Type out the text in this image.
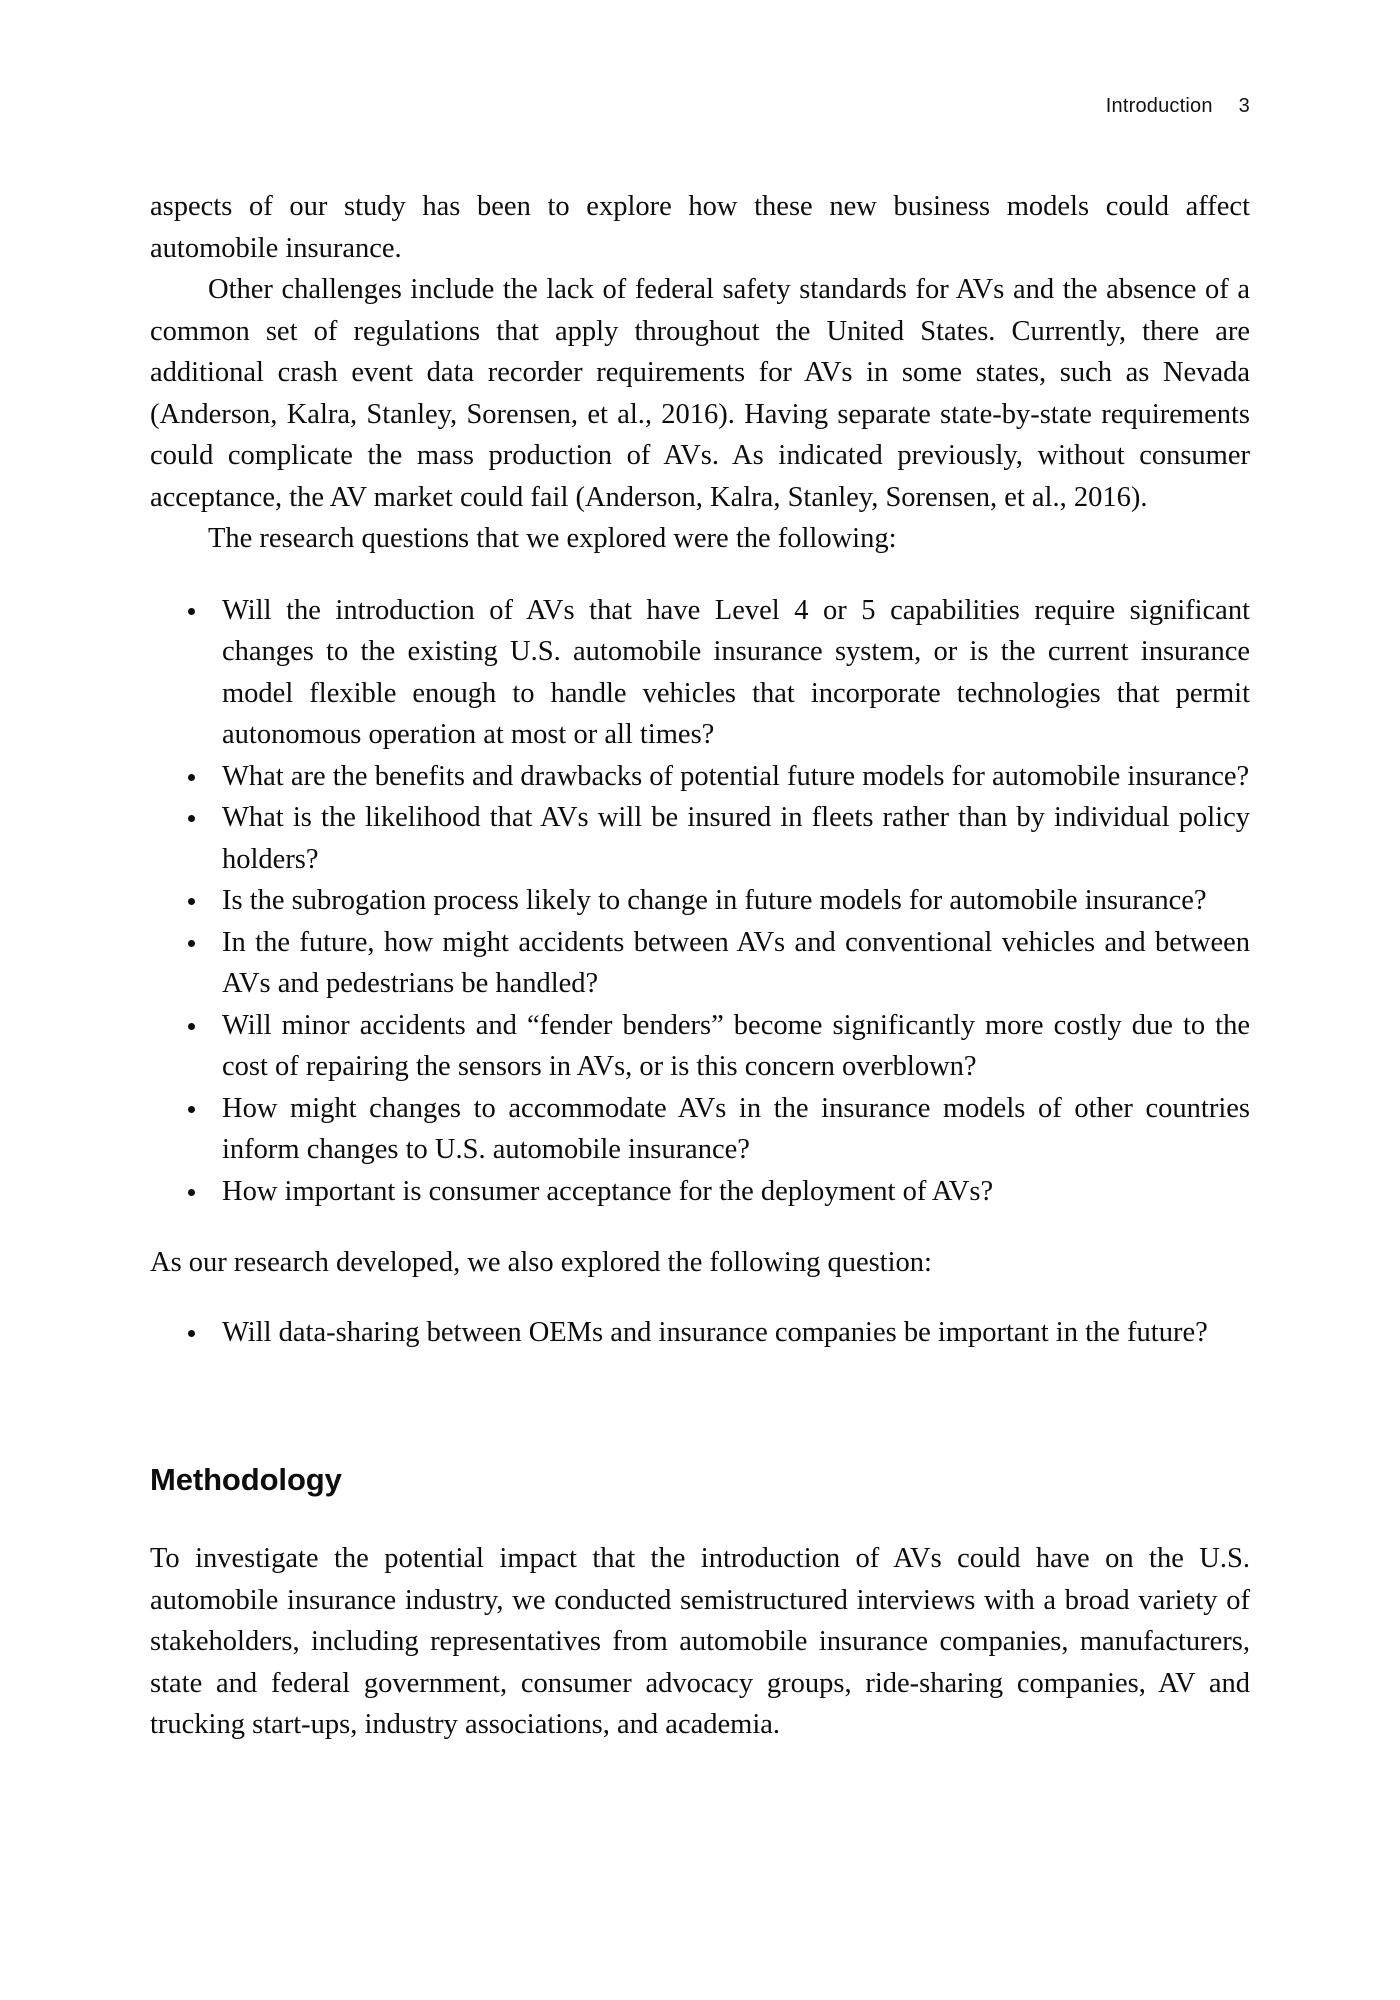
Introduction 3

aspects of our study has been to explore how these new business models could affect automobile insurance.

Other challenges include the lack of federal safety standards for AVs and the absence of a common set of regulations that apply throughout the United States. Currently, there are additional crash event data recorder requirements for AVs in some states, such as Nevada (Anderson, Kalra, Stanley, Sorensen, et al., 2016). Having separate state-by-state requirements could complicate the mass production of AVs. As indicated previously, without consumer acceptance, the AV market could fail (Anderson, Kalra, Stanley, Sorensen, et al., 2016).

The research questions that we explored were the following:

Will the introduction of AVs that have Level 4 or 5 capabilities require significant changes to the existing U.S. automobile insurance system, or is the current insurance model flexible enough to handle vehicles that incorporate technologies that permit autonomous operation at most or all times?
What are the benefits and drawbacks of potential future models for automobile insurance?
What is the likelihood that AVs will be insured in fleets rather than by individual policy holders?
Is the subrogation process likely to change in future models for automobile insurance?
In the future, how might accidents between AVs and conventional vehicles and between AVs and pedestrians be handled?
Will minor accidents and “fender benders” become significantly more costly due to the cost of repairing the sensors in AVs, or is this concern overblown?
How might changes to accommodate AVs in the insurance models of other countries inform changes to U.S. automobile insurance?
How important is consumer acceptance for the deployment of AVs?

As our research developed, we also explored the following question:

Will data-sharing between OEMs and insurance companies be important in the future?
Methodology

To investigate the potential impact that the introduction of AVs could have on the U.S. automobile insurance industry, we conducted semistructured interviews with a broad variety of stakeholders, including representatives from automobile insurance companies, manufacturers, state and federal government, consumer advocacy groups, ride-sharing companies, AV and trucking start-ups, industry associations, and academia.
